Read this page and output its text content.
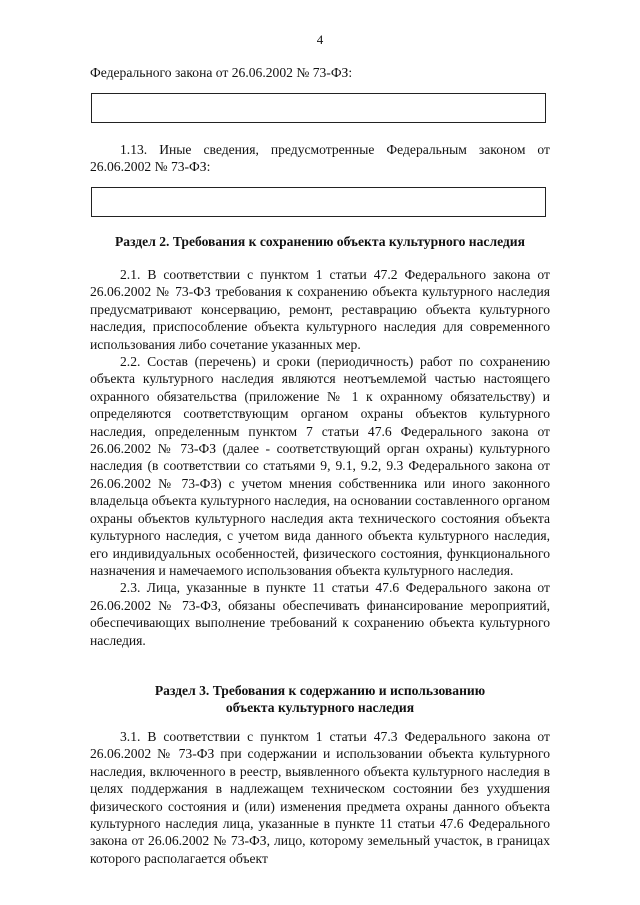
4

Федерального закона от 26.06.2002 № 73-ФЗ:

1.13. Иные сведения, предусмотренные Федеральным законом от 26.06.2002 № 73-ФЗ:

Раздел 2. Требования к сохранению объекта культурного наследия

2.1. В соответствии с пунктом 1 статьи 47.2 Федерального закона от 26.06.2002 № 73-ФЗ требования к сохранению объекта культурного наследия предусматривают консервацию, ремонт, реставрацию объекта культурного наследия, приспособление объекта культурного наследия для современного использования либо сочетание указанных мер.

2.2. Состав (перечень) и сроки (периодичность) работ по сохранению объекта культурного наследия являются неотъемлемой частью настоящего охранного обязательства (приложение № 1 к охранному обязательству) и определяются соответствующим органом охраны объектов культурного наследия, определенным пунктом 7 статьи 47.6 Федерального закона от 26.06.2002 № 73-ФЗ (далее - соответствующий орган охраны) культурного наследия (в соответствии со статьями 9, 9.1, 9.2, 9.3 Федерального закона от 26.06.2002 № 73-ФЗ) с учетом мнения собственника или иного законного владельца объекта культурного наследия, на основании составленного органом охраны объектов культурного наследия акта технического состояния объекта культурного наследия, с учетом вида данного объекта культурного наследия, его индивидуальных особенностей, физического состояния, функционального назначения и намечаемого использования объекта культурного наследия.

2.3. Лица, указанные в пункте 11 статьи 47.6 Федерального закона от 26.06.2002 № 73-ФЗ, обязаны обеспечивать финансирование мероприятий, обеспечивающих выполнение требований к сохранению объекта культурного наследия.

Раздел 3. Требования к содержанию и использованию
объекта культурного наследия

3.1. В соответствии с пунктом 1 статьи 47.3 Федерального закона от 26.06.2002 № 73-ФЗ при содержании и использовании объекта культурного наследия, включенного в реестр, выявленного объекта культурного наследия в целях поддержания в надлежащем техническом состоянии без ухудшения физического состояния и (или) изменения предмета охраны данного объекта культурного наследия лица, указанные в пункте 11 статьи 47.6 Федерального закона от 26.06.2002 № 73-ФЗ, лицо, которому земельный участок, в границах которого располагается объект
